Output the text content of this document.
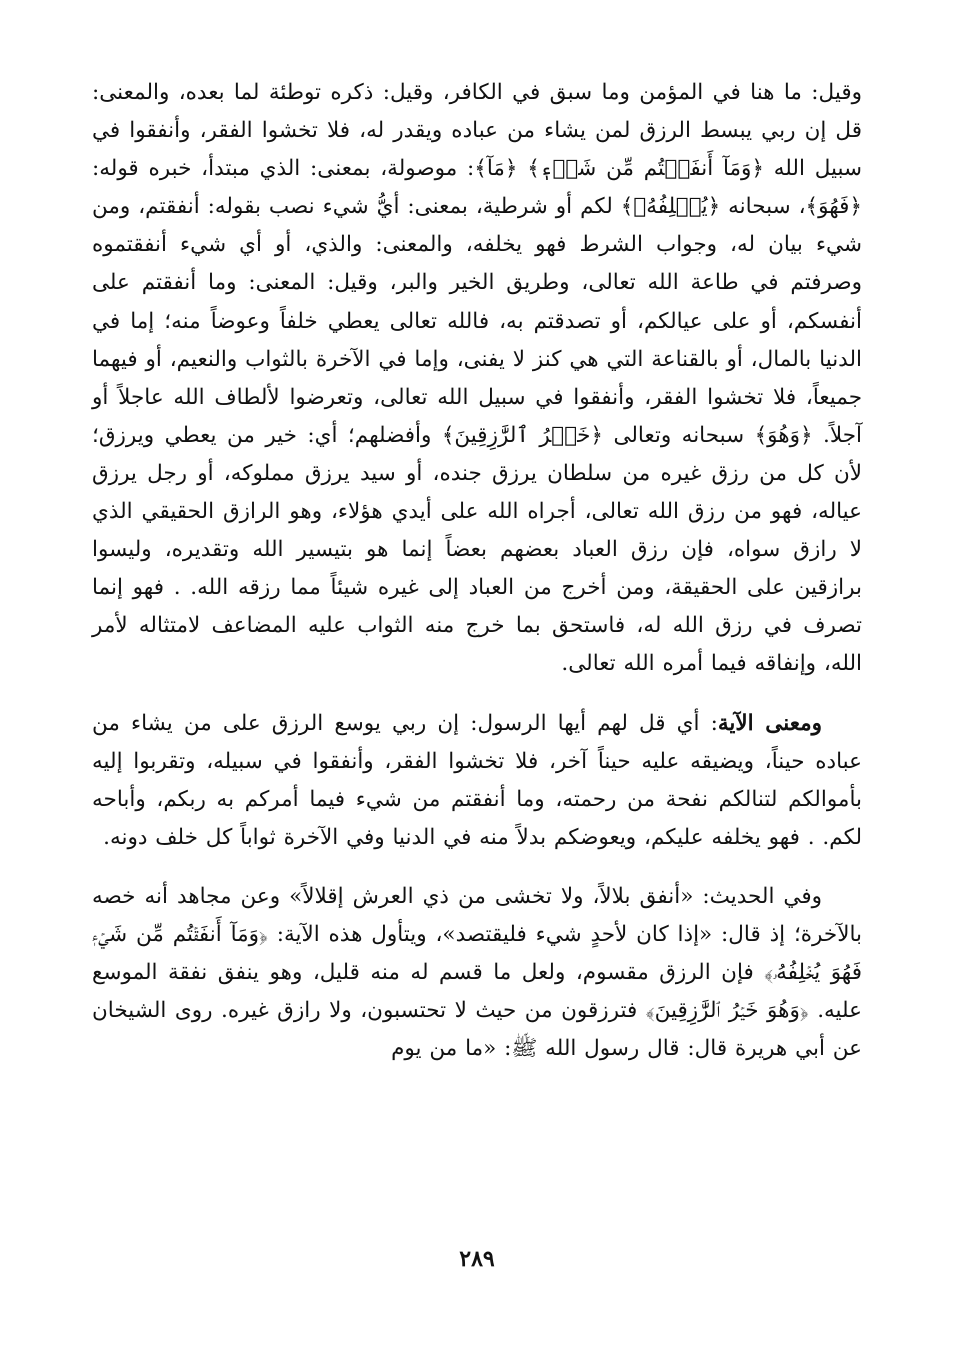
وقيل: ما هنا في المؤمن وما سبق في الكافر، وقيل: ذكره توطئة لما بعده، والمعنى: قل إن ربي يبسط الرزق لمن يشاء من عباده ويقدر له، فلا تخشوا الفقر، وأنفقوا في سبيل الله ﴿وَمَآ أَنفَقۡتُم مِّن شَيۡءٖ﴾ ﴿مَآ﴾: موصولة، بمعنى: الذي مبتدأ، خبره قوله: ﴿فَهُوَ﴾، سبحانه ﴿يُخۡلِفُهُۥ﴾ لكم أو شرطية، بمعنى: أيُّ شيء نصب بقوله: أنفقتم، ومن شيء بيان له، وجواب الشرط فهو يخلفه، والمعنى: والذي، أو أي شيء أنفقتموه وصرفتم في طاعة الله تعالى، وطريق الخير والبر، وقيل: المعنى: وما أنفقتم على أنفسكم، أو على عيالكم، أو تصدقتم به، فالله تعالى يعطي خلفاً وعوضاً منه؛ إما في الدنيا بالمال، أو بالقناعة التي هي كنز لا يفنى، وإما في الآخرة بالثواب والنعيم، أو فيهما جميعاً، فلا تخشوا الفقر، وأنفقوا في سبيل الله تعالى، وتعرضوا لألطاف الله عاجلاً أو آجلاً. ﴿وَهُوَ﴾ سبحانه وتعالى ﴿خَيۡرُ ٱلرَّٰزِقِينَ﴾ وأفضلهم؛ أي: خير من يعطي ويرزق؛ لأن كل من رزق غيره من سلطان يرزق جنده، أو سيد يرزق مملوكه، أو رجل يرزق عياله، فهو من رزق الله تعالى، أجراه الله على أيدي هؤلاء، وهو الرازق الحقيقي الذي لا رازق سواه، فإن رزق العباد بعضهم بعضاً إنما هو بتيسير الله وتقديره، وليسوا برازقين على الحقيقة، ومن أخرج من العباد إلى غيره شيئاً مما رزقه الله. . فهو إنما تصرف في رزق الله له، فاستحق بما خرج منه الثواب عليه المضاعف لامتثاله لأمر الله، وإنفاقه فيما أمره الله تعالى.

ومعنى الآية: أي قل لهم أيها الرسول: إن ربي يوسع الرزق على من يشاء من عباده حيناً، ويضيقه عليه حيناً آخر، فلا تخشوا الفقر، وأنفقوا في سبيله، وتقربوا إليه بأموالكم لتنالكم نفحة من رحمته، وما أنفقتم من شيء فيما أمركم به ربكم، وأباحه لكم. . فهو يخلفه عليكم، ويعوضكم بدلاً منه في الدنيا وفي الآخرة ثواباً كل خلف دونه.

وفي الحديث: «أنفق بلالاً، ولا تخشى من ذي العرش إقلالاً» وعن مجاهد أنه خصه بالآخرة؛ إذ قال: «إذا كان لأحدٍ شيء فليقتصد»، ويتأول هذه الآية: ﴿وَمَآ أَنفَقۡتُم مِّن شَيۡءٖ فَهُوَ يُخۡلِفُهُۥ﴾ فإن الرزق مقسوم، ولعل ما قسم له منه قليل، وهو ينفق نفقة الموسع عليه. ﴿وَهُوَ خَيۡرُ ٱلرَّٰزِقِينَ﴾ فترزقون من حيث لا تحتسبون، ولا رازق غيره. روى الشيخان عن أبي هريرة قال: قال رسول الله ﷺ: «ما من يوم

٢٨٩
